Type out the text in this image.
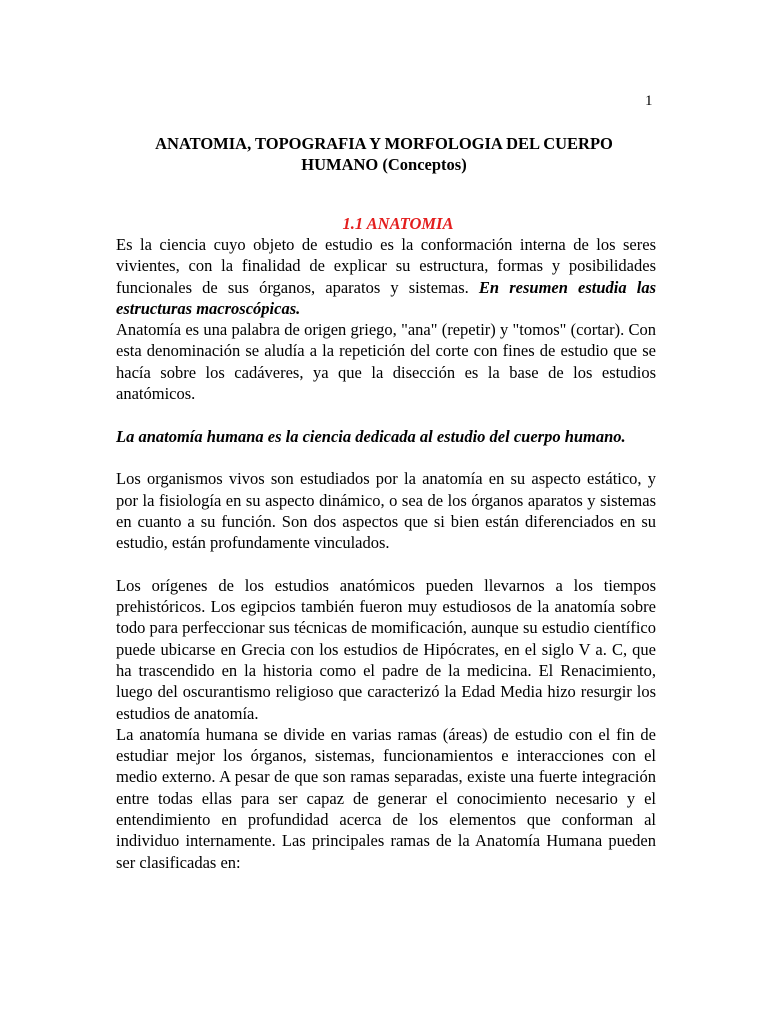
1
ANATOMIA, TOPOGRAFIA Y MORFOLOGIA DEL CUERPO
HUMANO (Conceptos)
1.1 ANATOMIA

Es la ciencia cuyo objeto de estudio es la conformación interna de los seres vivientes, con la finalidad de explicar su estructura, formas y posibilidades funcionales de sus órganos, aparatos y sistemas. En resumen estudia las estructuras macroscópicas.

Anatomía es una palabra de origen griego, "ana" (repetir) y "tomos" (cortar). Con esta denominación se aludía a la repetición del corte con fines de estudio que se hacía sobre los cadáveres, ya que la disección es la base de los estudios anatómicos.

La anatomía humana es la ciencia dedicada al estudio del cuerpo humano.

Los organismos vivos son estudiados por la anatomía en su aspecto estático, y por la fisiología en su aspecto dinámico, o sea de los órganos aparatos y sistemas en cuanto a su función. Son dos aspectos que si bien están diferenciados en su estudio, están profundamente vinculados.

Los orígenes de los estudios anatómicos pueden llevarnos a los tiempos prehistóricos. Los egipcios también fueron muy estudiosos de la anatomía sobre todo para perfeccionar sus técnicas de momificación, aunque su estudio científico puede ubicarse en Grecia con los estudios de Hipócrates, en el siglo V a. C, que ha trascendido en la historia como el padre de la medicina. El Renacimiento, luego del oscurantismo religioso que caracterizó la Edad Media hizo resurgir los estudios de anatomía.

La anatomía humana se divide en varias ramas (áreas) de estudio con el fin de estudiar mejor los órganos, sistemas, funcionamientos e interacciones con el medio externo. A pesar de que son ramas separadas, existe una fuerte integración entre todas ellas para ser capaz de generar el conocimiento necesario y el entendimiento en profundidad acerca de los elementos que conforman al individuo internamente. Las principales ramas de la Anatomía Humana pueden ser clasificadas en:
